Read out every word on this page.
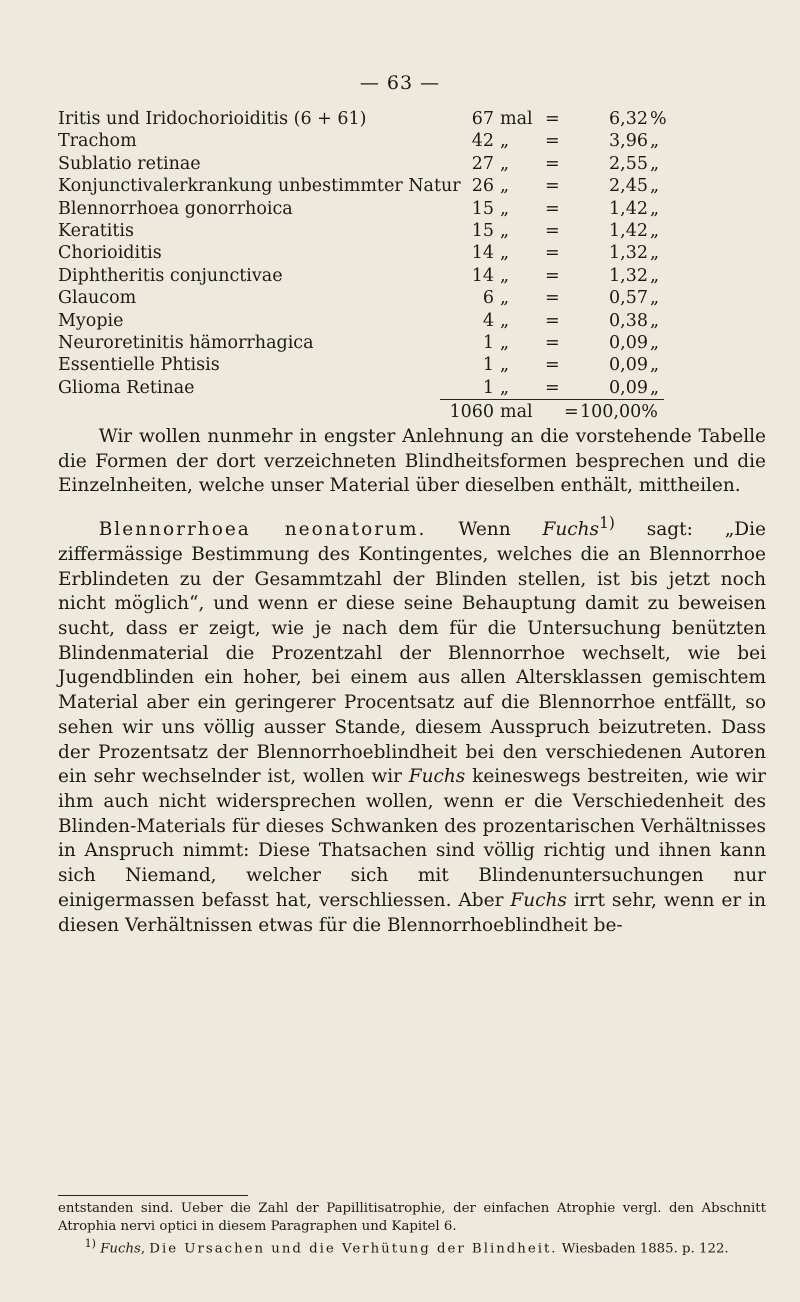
— 63 —
Iritis und Iridochorioiditis (6 + 61)	67 mal =	6,32 %
Trachom	42 „ =	3,96 „
Sublatio retinae	27 „ =	2,55 „
Konjunctivalerkrankung unbestimmter Natur 26 „ =	2,45 „
Blennorrhoea gonorrhoica	15 „ =	1,42 „
Keratitis	15 „ =	1,42 „
Chorioiditis	14 „ =	1,32 „
Diphtheritis conjunctivae	14 „ =	1,32 „
Glaucom	6 „ =	0,57 „
Myopie	4 „ =	0,38 „
Neuroretinitis hämorrhagica	1 „ =	0,09 „
Essentielle Phtisis	1 „ =	0,09 „
Glioma Retinae	1 „ =	0,09 „
1060 mal = 100,00%

Wir wollen nunmehr in engster Anlehnung an die vorstehende Tabelle die Formen der dort verzeichneten Blindheitsformen besprechen und die Einzelnheiten, welche unser Material über dieselben enthält, mittheilen.

Blennorrhoea neonatorum. Wenn Fuchs$^{1)}$ sagt: „Die ziffermässige Bestimmung des Kontingentes, welches die an Blennorrhoe Erblindeten zu der Gesammtzahl der Blinden stellen, ist bis jetzt noch nicht möglich“, und wenn er diese seine Behauptung damit zu beweisen sucht, dass er zeigt, wie je nach dem für die Untersuchung benützten Blindenmaterial die Prozentzahl der Blennorrhoe wechselt, wie bei Jugendblinden ein hoher, bei einem aus allen Altersklassen gemischtem Material aber ein geringerer Procentsatz auf die Blennorrhoe entfällt, so sehen wir uns völlig ausser Stande, diesem Ausspruch beizutreten. Dass der Prozentsatz der Blennorrhoeblindheit bei den verschiedenen Autoren ein sehr wechselnder ist, wollen wir Fuchs keineswegs bestreiten, wie wir ihm auch nicht widersprechen wollen, wenn er die Verschiedenheit des Blinden-Materials für dieses Schwanken des prozentarischen Verhältnisses in Anspruch nimmt: Diese Thatsachen sind völlig richtig und ihnen kann sich Niemand, welcher sich mit Blindenuntersuchungen nur einigermassen befasst hat, verschliessen. Aber Fuchs irrt sehr, wenn er in diesen Verhältnissen etwas für die Blennorrhoeblindheit be-

entstanden sind. Ueber die Zahl der Papillitisatrophie, der einfachen Atrophie vergl. den Abschnitt Atrophia nervi optici in diesem Paragraphen und Kapitel 6.

$^{1)}$ Fuchs, Die Ursachen und die Verhütung der Blindheit. Wiesbaden 1885. p. 122.
